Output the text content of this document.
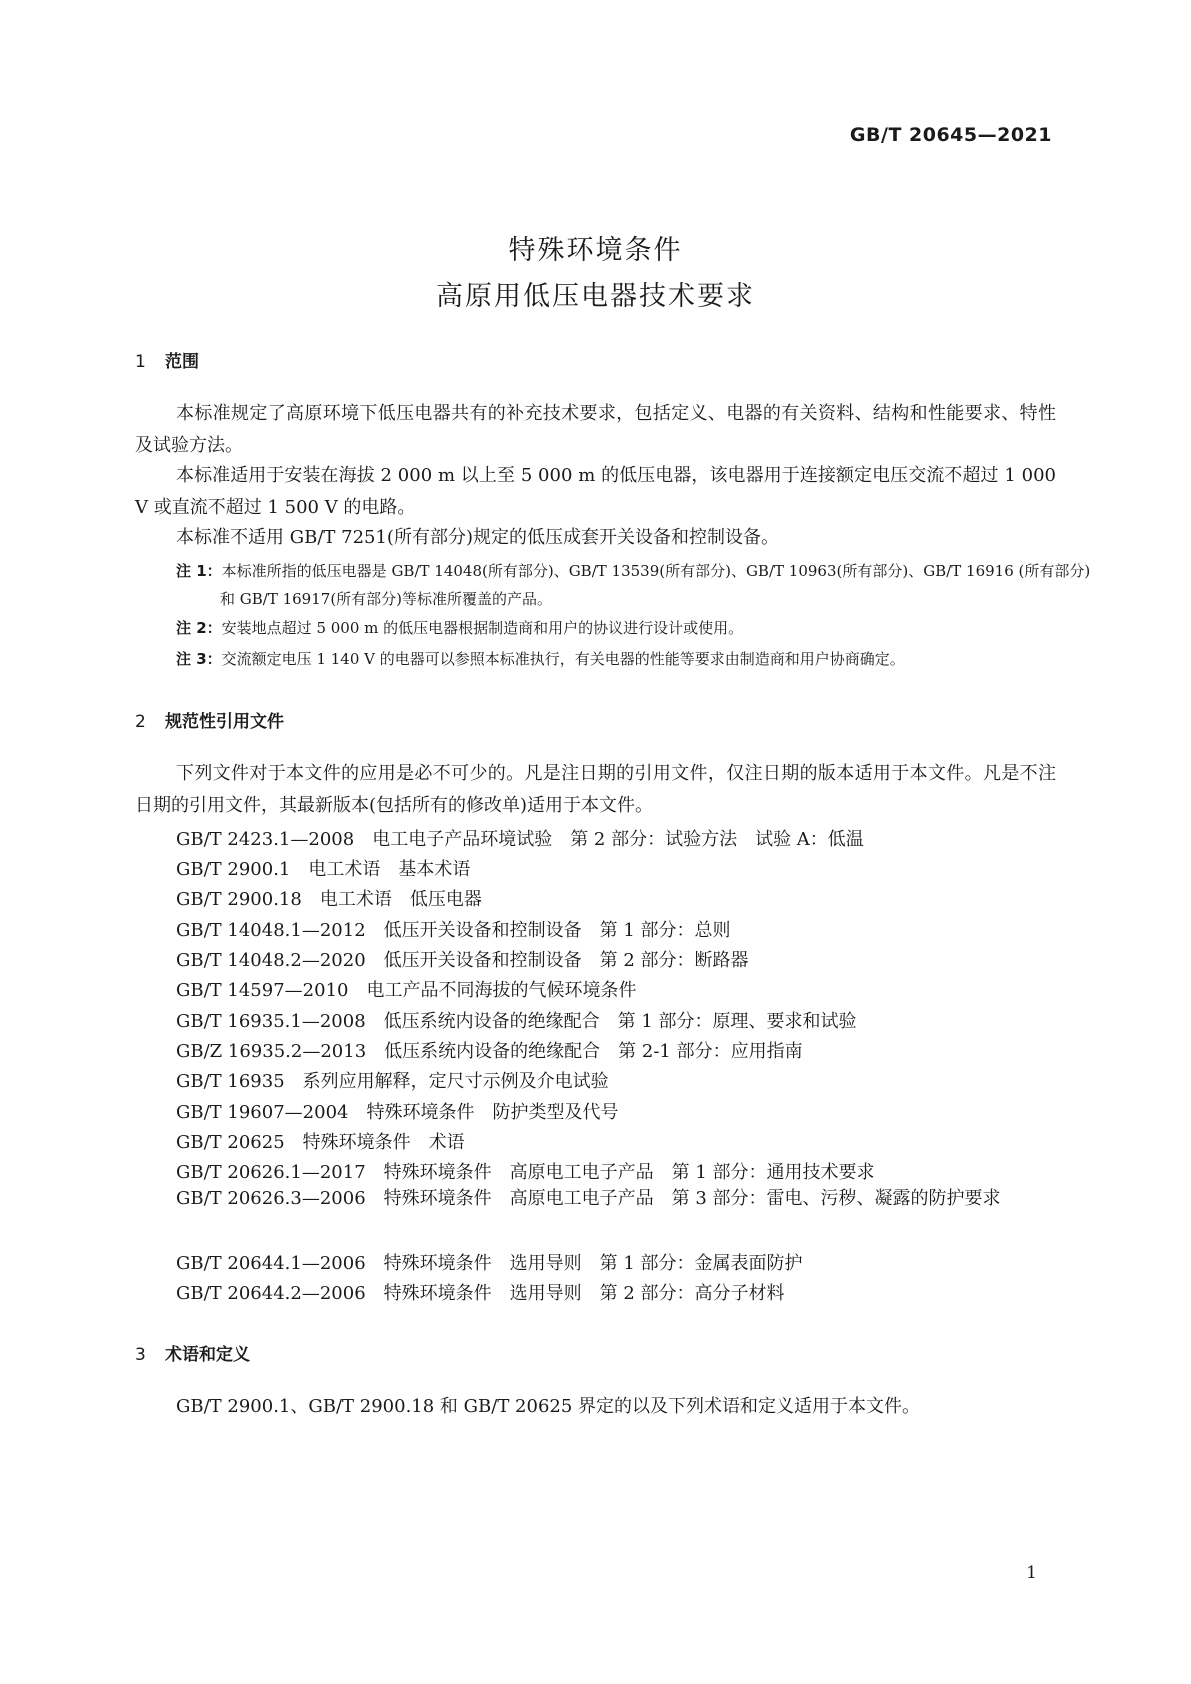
GB/T 20645—2021
特殊环境条件
高原用低压电器技术要求
1 范围
本标准规定了高原环境下低压电器共有的补充技术要求，包括定义、电器的有关资料、结构和性能要求、特性及试验方法。
本标准适用于安装在海拔 2 000 m 以上至 5 000 m 的低压电器，该电器用于连接额定电压交流不超过 1 000 V 或直流不超过 1 500 V 的电路。
本标准不适用 GB/T 7251(所有部分)规定的低压成套开关设备和控制设备。
注 1：本标准所指的低压电器是 GB/T 14048(所有部分)、GB/T 13539(所有部分)、GB/T 10963(所有部分)、GB/T 16916 (所有部分)和 GB/T 16917(所有部分)等标准所覆盖的产品。
注 2：安装地点超过 5 000 m 的低压电器根据制造商和用户的协议进行设计或使用。
注 3：交流额定电压 1 140 V 的电器可以参照本标准执行，有关电器的性能等要求由制造商和用户协商确定。
2 规范性引用文件
下列文件对于本文件的应用是必不可少的。凡是注日期的引用文件，仅注日期的版本适用于本文件。凡是不注日期的引用文件，其最新版本(包括所有的修改单)适用于本文件。
GB/T 2423.1—2008　电工电子产品环境试验　第 2 部分：试验方法　试验 A：低温
GB/T 2900.1　电工术语　基本术语
GB/T 2900.18　电工术语　低压电器
GB/T 14048.1—2012　低压开关设备和控制设备　第 1 部分：总则
GB/T 14048.2—2020　低压开关设备和控制设备　第 2 部分：断路器
GB/T 14597—2010　电工产品不同海拔的气候环境条件
GB/T 16935.1—2008　低压系统内设备的绝缘配合　第 1 部分：原理、要求和试验
GB/Z 16935.2—2013　低压系统内设备的绝缘配合　第 2-1 部分：应用指南
GB/T 16935　系列应用解释，定尺寸示例及介电试验
GB/T 19607—2004　特殊环境条件　防护类型及代号
GB/T 20625　特殊环境条件　术语
GB/T 20626.1—2017　特殊环境条件　高原电工电子产品　第 1 部分：通用技术要求
GB/T 20626.3—2006　特殊环境条件　高原电工电子产品　第 3 部分：雷电、污秽、凝露的防护要求
GB/T 20644.1—2006　特殊环境条件　选用导则　第 1 部分：金属表面防护
GB/T 20644.2—2006　特殊环境条件　选用导则　第 2 部分：高分子材料
3 术语和定义
GB/T 2900.1、GB/T 2900.18 和 GB/T 20625 界定的以及下列术语和定义适用于本文件。
1
